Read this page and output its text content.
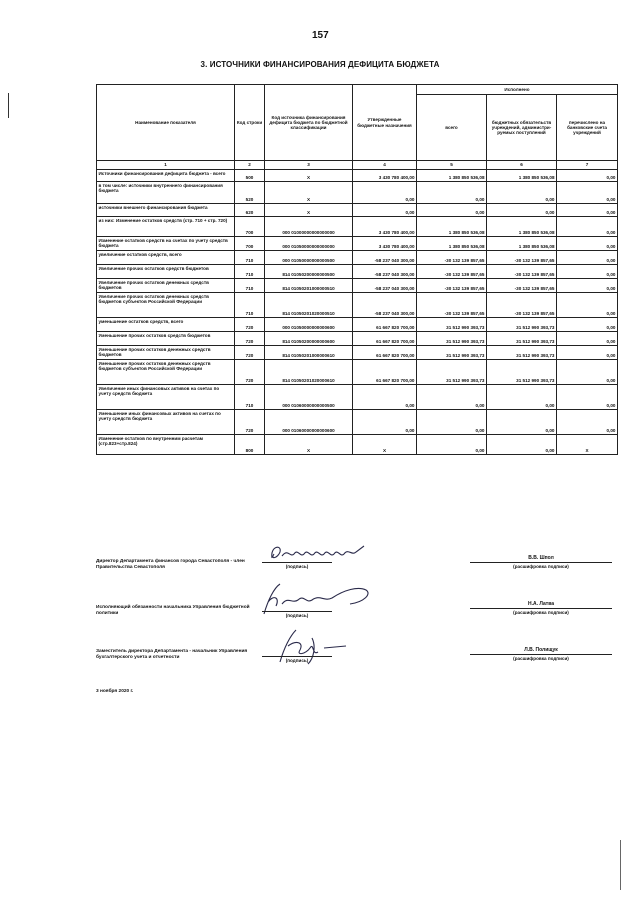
157
3. ИСТОЧНИКИ ФИНАНСИРОВАНИЯ ДЕФИЦИТА БЮДЖЕТА
Наименование показателя	Код строки	Код источника финансирования дефицита бюджета по бюджетной классификации	Утвержденные бюджетные назначения	Исполнено		
				всего	бюджетных обязательств учреждений, администри-руемых поступлений	перечислено на банковские счета учреждений
1	2	3	4	5	6	7
Источники финансирования дефицита бюджета - всего	500	X	3 430 780 400,00	1 380 850 536,08	1 380 850 536,08	0,00
в том числе: источники внутреннего финансирования бюджета	520	X	0,00	0,00	0,00	0,00
источники внешнего финансирования бюджета	620	X	0,00	0,00	0,00	0,00
из них: Изменение остатков средств (стр. 710 + стр. 720)	700	000 01000000000000000	3 430 780 400,00	1 380 850 536,08	1 380 850 536,08	0,00
Изменение остатков средств на счетах по учету средств бюджета	700	000 01050000000000000	3 430 780 400,00	1 380 850 536,08	1 380 850 536,08	0,00
увеличение остатков средств, всего	710	000 01050000000000500	-58 237 040 300,00	-30 132 139 857,65	-30 132 139 857,65	0,00
Увеличение прочих остатков средств бюджетов	710	814 01050200000000500	-58 237 040 300,00	-30 132 139 857,65	-30 132 139 857,65	0,00
Увеличение прочих остатков денежных средств бюджетов	710	814 01050201000000510	-58 237 040 300,00	-30 132 139 857,65	-30 132 139 857,65	0,00
Увеличение прочих остатков денежных средств бюджетов субъектов Российской Федерации	710	814 01050201020000510	-58 237 040 300,00	-30 132 139 857,65	-30 132 139 857,65	0,00
уменьшение остатков средств, всего	720	000 01050000000000600	61 667 820 700,00	31 512 990 393,73	31 512 990 393,73	0,00
Уменьшение прочих остатков средств бюджетов	720	814 01050200000000600	61 667 820 700,00	31 512 990 393,73	31 512 990 393,73	0,00
Уменьшение прочих остатков денежных средств бюджетов	720	814 01050201000000610	61 667 820 700,00	31 512 990 393,73	31 512 990 393,73	0,00
Уменьшение прочих остатков денежных средств бюджетов субъектов Российской Федерации	720	814 01050201020000610	61 667 820 700,00	31 512 990 393,73	31 512 990 393,73	0,00
Увеличение иных финансовых активов на счетах по учету средств бюджета	710	000 01060000000000500	0,00	0,00	0,00	0,00
Уменьшение иных финансовых активов на счетах по учету средств бюджета	720	000 01060000000000600	0,00	0,00	0,00	0,00
Изменение остатков по внутренним расчетам (стр.823+стр.824)	800	X	X	0,00	0,00	X
Директор Департамента финансов города Севастополя - член Правительства Севастополя	(подпись)
В.В. Шпол
(расшифровка подписи)
Исполняющий обязанности начальника Управления бюджетной политики	(подпись)
Н.А. Латва
(расшифровка подписи)
Заместитель директора Департамента - начальник Управления бухгалтерского учета и отчетности
(подпись)
Л.В. Полищук
(расшифровка подписи)
3 ноября 2020 г.
